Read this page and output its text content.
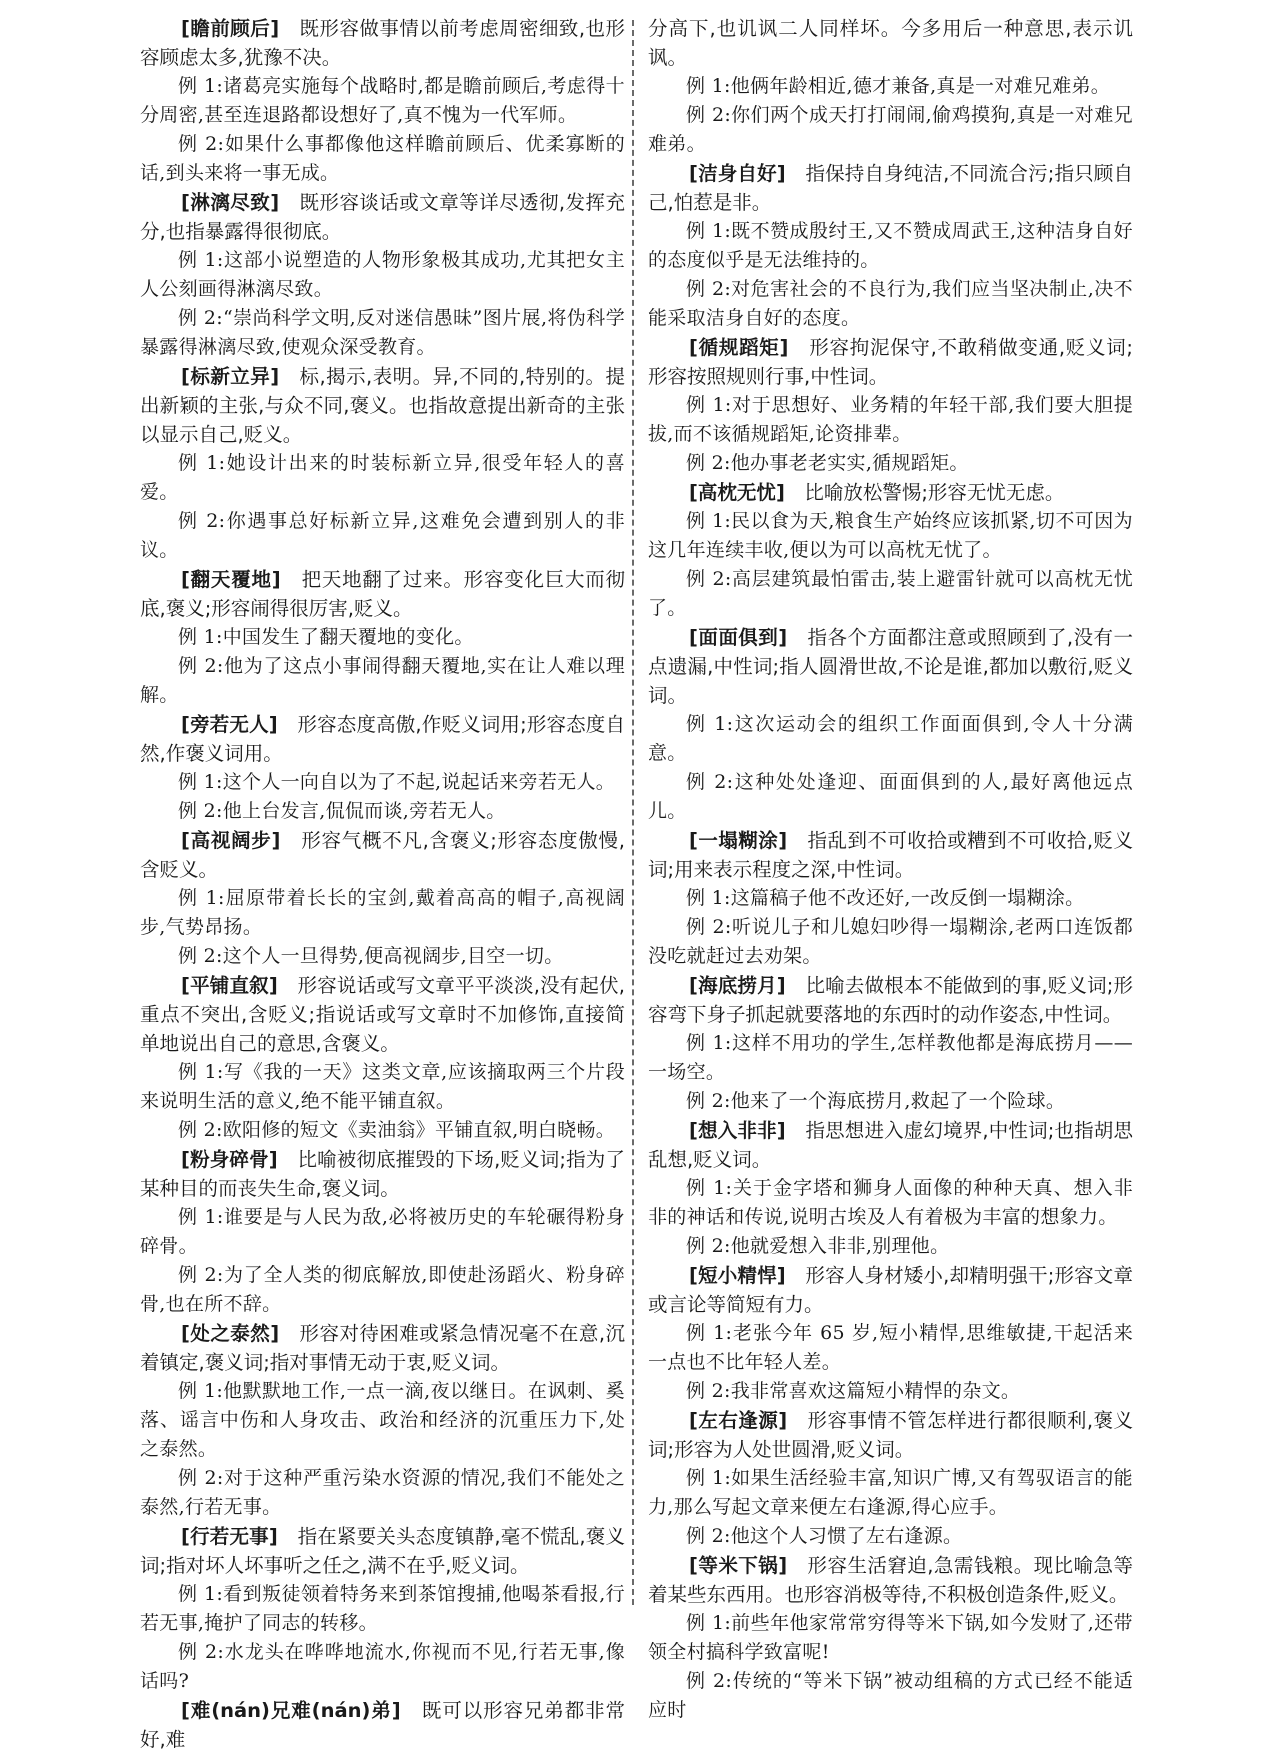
[瞻前顾后]　既形容做事情以前考虑周密细致,也形容顾虑太多,犹豫不决。

例 1:诸葛亮实施每个战略时,都是瞻前顾后,考虑得十分周密,甚至连退路都设想好了,真不愧为一代军师。

例 2:如果什么事都像他这样瞻前顾后、优柔寡断的话,到头来将一事无成。

[淋漓尽致]　既形容谈话或文章等详尽透彻,发挥充分,也指暴露得很彻底。

例 1:这部小说塑造的人物形象极其成功,尤其把女主人公刻画得淋漓尽致。

例 2:“崇尚科学文明,反对迷信愚昧”图片展,将伪科学暴露得淋漓尽致,使观众深受教育。

[标新立异]　标,揭示,表明。异,不同的,特别的。提出新颖的主张,与众不同,褒义。也指故意提出新奇的主张以显示自己,贬义。

例 1:她设计出来的时装标新立异,很受年轻人的喜爱。

例 2:你遇事总好标新立异,这难免会遭到别人的非议。

[翻天覆地]　把天地翻了过来。形容变化巨大而彻底,褒义;形容闹得很厉害,贬义。

例 1:中国发生了翻天覆地的变化。

例 2:他为了这点小事闹得翻天覆地,实在让人难以理解。

[旁若无人]　形容态度高傲,作贬义词用;形容态度自然,作褒义词用。

例 1:这个人一向自以为了不起,说起话来旁若无人。

例 2:他上台发言,侃侃而谈,旁若无人。

[高视阔步]　形容气概不凡,含褒义;形容态度傲慢,含贬义。

例 1:屈原带着长长的宝剑,戴着高高的帽子,高视阔步,气势昂扬。

例 2:这个人一旦得势,便高视阔步,目空一切。

[平铺直叙]　形容说话或写文章平平淡淡,没有起伏,重点不突出,含贬义;指说话或写文章时不加修饰,直接简单地说出自己的意思,含褒义。

例 1:写《我的一天》这类文章,应该摘取两三个片段来说明生活的意义,绝不能平铺直叙。

例 2:欧阳修的短文《卖油翁》平铺直叙,明白晓畅。

[粉身碎骨]　比喻被彻底摧毁的下场,贬义词;指为了某种目的而丧失生命,褒义词。

例 1:谁要是与人民为敌,必将被历史的车轮碾得粉身碎骨。

例 2:为了全人类的彻底解放,即使赴汤蹈火、粉身碎骨,也在所不辞。

[处之泰然]　形容对待困难或紧急情况毫不在意,沉着镇定,褒义词;指对事情无动于衷,贬义词。

例 1:他默默地工作,一点一滴,夜以继日。在讽刺、奚落、谣言中伤和人身攻击、政治和经济的沉重压力下,处之泰然。

例 2:对于这种严重污染水资源的情况,我们不能处之泰然,行若无事。

[行若无事]　指在紧要关头态度镇静,毫不慌乱,褒义词;指对坏人坏事听之任之,满不在乎,贬义词。

例 1:看到叛徒领着特务来到茶馆搜捕,他喝茶看报,行若无事,掩护了同志的转移。

例 2:水龙头在哗哗地流水,你视而不见,行若无事,像话吗?

[难(nán)兄难(nán)弟]　既可以形容兄弟都非常好,难

分高下,也讥讽二人同样坏。今多用后一种意思,表示讥讽。

例 1:他俩年龄相近,德才兼备,真是一对难兄难弟。

例 2:你们两个成天打打闹闹,偷鸡摸狗,真是一对难兄难弟。

[洁身自好]　指保持自身纯洁,不同流合污;指只顾自己,怕惹是非。

例 1:既不赞成殷纣王,又不赞成周武王,这种洁身自好的态度似乎是无法维持的。

例 2:对危害社会的不良行为,我们应当坚决制止,决不能采取洁身自好的态度。

[循规蹈矩]　形容拘泥保守,不敢稍做变通,贬义词;形容按照规则行事,中性词。

例 1:对于思想好、业务精的年轻干部,我们要大胆提拔,而不该循规蹈矩,论资排辈。

例 2:他办事老老实实,循规蹈矩。

[高枕无忧]　比喻放松警惕;形容无忧无虑。

例 1:民以食为天,粮食生产始终应该抓紧,切不可因为这几年连续丰收,便以为可以高枕无忧了。

例 2:高层建筑最怕雷击,装上避雷针就可以高枕无忧了。

[面面俱到]　指各个方面都注意或照顾到了,没有一点遗漏,中性词;指人圆滑世故,不论是谁,都加以敷衍,贬义词。

例 1:这次运动会的组织工作面面俱到,令人十分满意。

例 2:这种处处逢迎、面面俱到的人,最好离他远点儿。

[一塌糊涂]　指乱到不可收拾或糟到不可收拾,贬义词;用来表示程度之深,中性词。

例 1:这篇稿子他不改还好,一改反倒一塌糊涂。

例 2:听说儿子和儿媳妇吵得一塌糊涂,老两口连饭都没吃就赶过去劝架。

[海底捞月]　比喻去做根本不能做到的事,贬义词;形容弯下身子抓起就要落地的东西时的动作姿态,中性词。

例 1:这样不用功的学生,怎样教他都是海底捞月——一场空。

例 2:他来了一个海底捞月,救起了一个险球。

[想入非非]　指思想进入虚幻境界,中性词;也指胡思乱想,贬义词。

例 1:关于金字塔和狮身人面像的种种天真、想入非非的神话和传说,说明古埃及人有着极为丰富的想象力。

例 2:他就爱想入非非,别理他。

[短小精悍]　形容人身材矮小,却精明强干;形容文章或言论等简短有力。

例 1:老张今年 65 岁,短小精悍,思维敏捷,干起活来一点也不比年轻人差。

例 2:我非常喜欢这篇短小精悍的杂文。

[左右逢源]　形容事情不管怎样进行都很顺利,褒义词;形容为人处世圆滑,贬义词。

例 1:如果生活经验丰富,知识广博,又有驾驭语言的能力,那么写起文章来便左右逢源,得心应手。

例 2:他这个人习惯了左右逢源。

[等米下锅]　形容生活窘迫,急需钱粮。现比喻急等着某些东西用。也形容消极等待,不积极创造条件,贬义。

例 1:前些年他家常常穷得等米下锅,如今发财了,还带领全村搞科学致富呢!

例 2:传统的“等米下锅”被动组稿的方式已经不能适应时
